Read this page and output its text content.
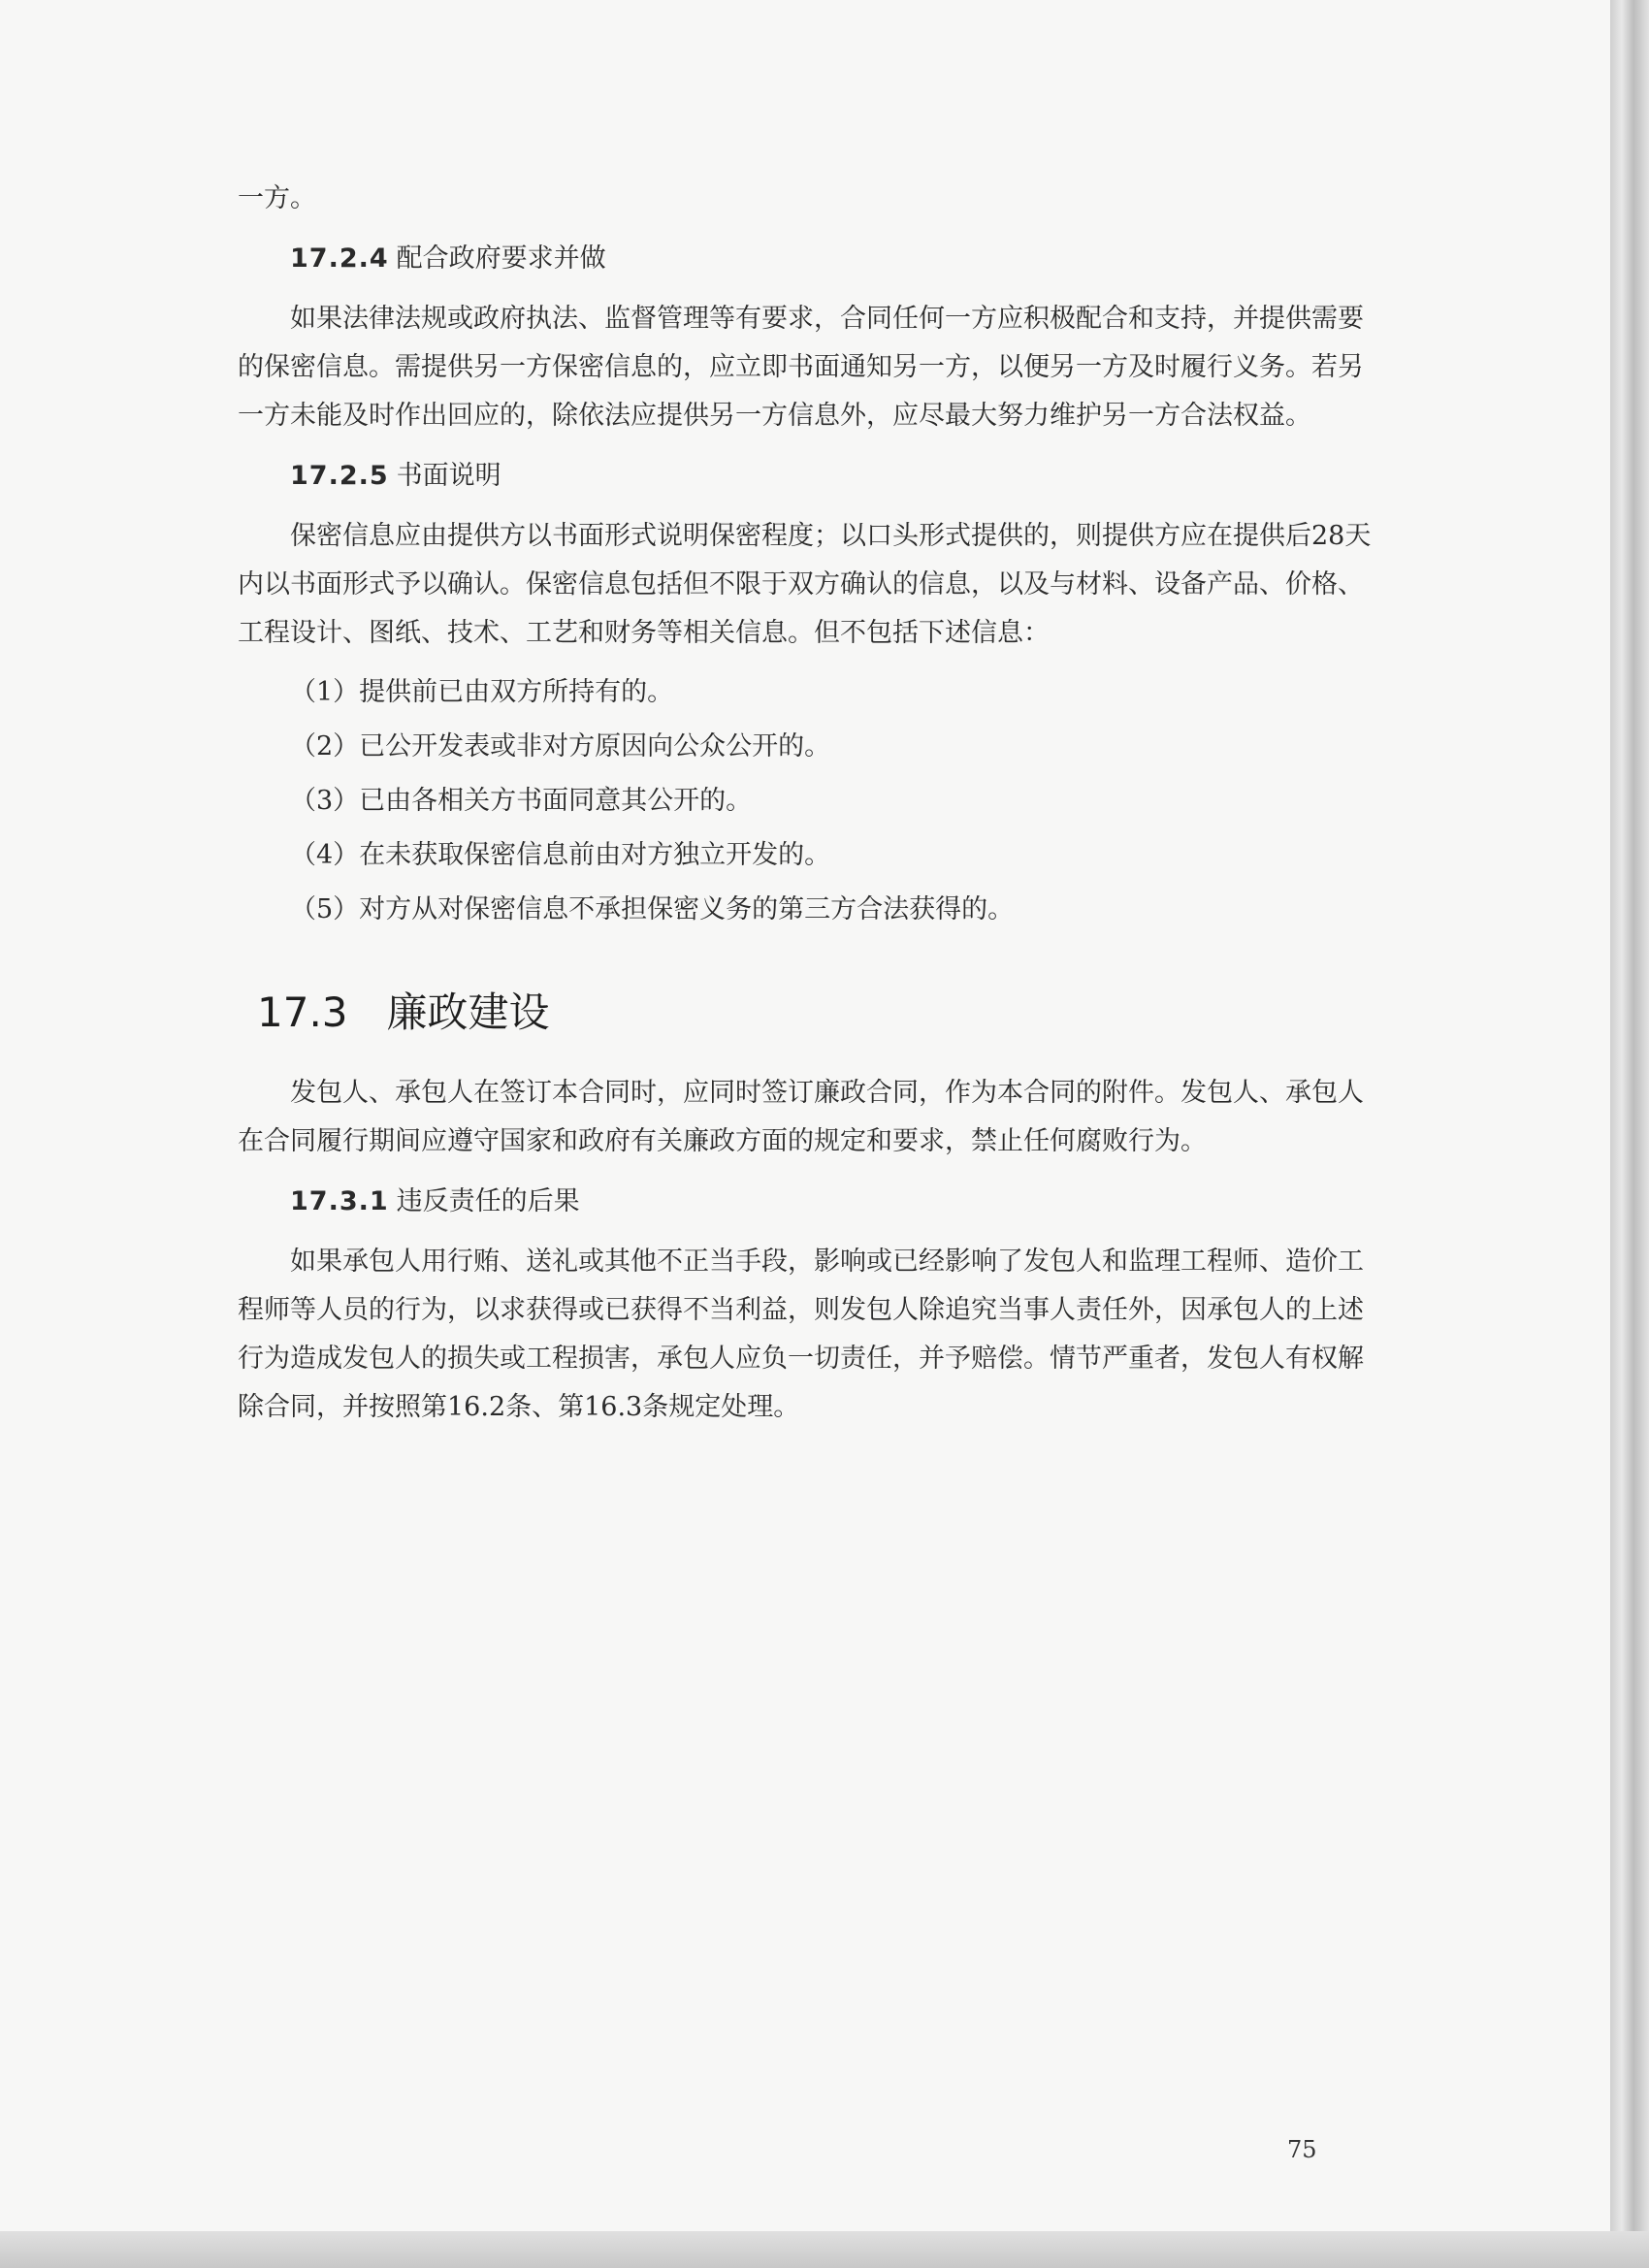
一方。

17.2.4 配合政府要求并做

如果法律法规或政府执法、监督管理等有要求，合同任何一方应积极配合和支持，并提供需要的保密信息。需提供另一方保密信息的，应立即书面通知另一方，以便另一方及时履行义务。若另一方未能及时作出回应的，除依法应提供另一方信息外，应尽最大努力维护另一方合法权益。

17.2.5 书面说明

保密信息应由提供方以书面形式说明保密程度；以口头形式提供的，则提供方应在提供后28天内以书面形式予以确认。保密信息包括但不限于双方确认的信息，以及与材料、设备产品、价格、工程设计、图纸、技术、工艺和财务等相关信息。但不包括下述信息：

（1）提供前已由双方所持有的。

（2）已公开发表或非对方原因向公众公开的。

（3）已由各相关方书面同意其公开的。

（4）在未获取保密信息前由对方独立开发的。

（5）对方从对保密信息不承担保密义务的第三方合法获得的。

17.3 廉政建设

发包人、承包人在签订本合同时，应同时签订廉政合同，作为本合同的附件。发包人、承包人在合同履行期间应遵守国家和政府有关廉政方面的规定和要求，禁止任何腐败行为。

17.3.1 违反责任的后果

如果承包人用行贿、送礼或其他不正当手段，影响或已经影响了发包人和监理工程师、造价工程师等人员的行为，以求获得或已获得不当利益，则发包人除追究当事人责任外，因承包人的上述行为造成发包人的损失或工程损害，承包人应负一切责任，并予赔偿。情节严重者，发包人有权解除合同，并按照第16.2条、第16.3条规定处理。

75
